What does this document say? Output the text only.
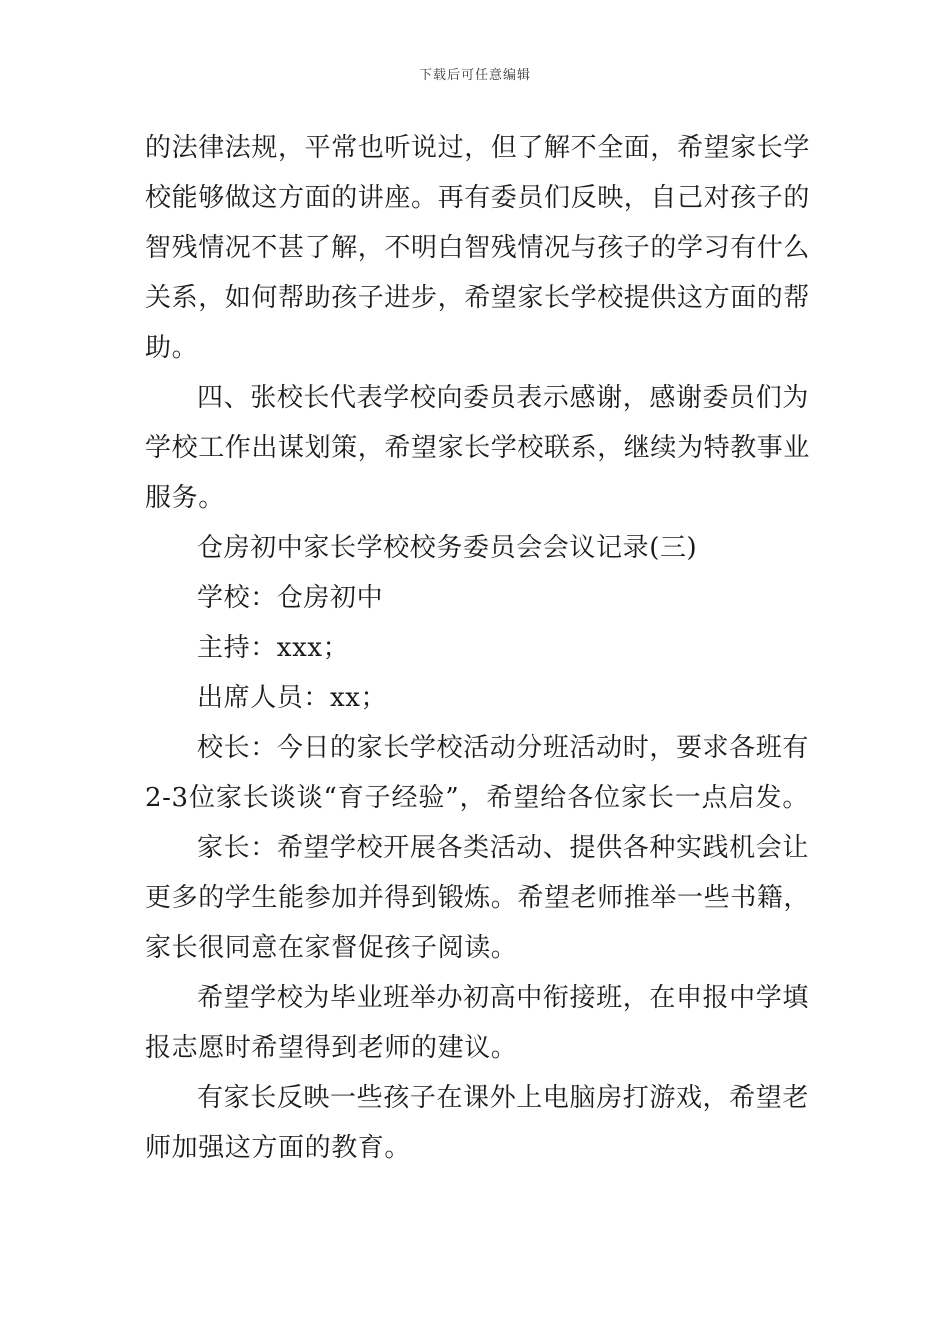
下载后可任意编辑
的法律法规，平常也听说过，但了解不全面，希望家长学
校能够做这方面的讲座。再有委员们反映，自己对孩子的
智残情况不甚了解，不明白智残情况与孩子的学习有什么
关系，如何帮助孩子进步，希望家长学校提供这方面的帮
助。
四、张校长代表学校向委员表示感谢，感谢委员们为
学校工作出谋划策，希望家长学校联系，继续为特教事业
服务。
仓房初中家长学校校务委员会会议记录(三)
学校：仓房初中
主持：xxx；
出席人员：xx；
校长：今日的家长学校活动分班活动时，要求各班有
2-3位家长谈谈“育子经验”，希望给各位家长一点启发。
家长：希望学校开展各类活动、提供各种实践机会让
更多的学生能参加并得到锻炼。希望老师推举一些书籍，
家长很同意在家督促孩子阅读。
希望学校为毕业班举办初高中衔接班，在申报中学填
报志愿时希望得到老师的建议。
有家长反映一些孩子在课外上电脑房打游戏，希望老
师加强这方面的教育。
